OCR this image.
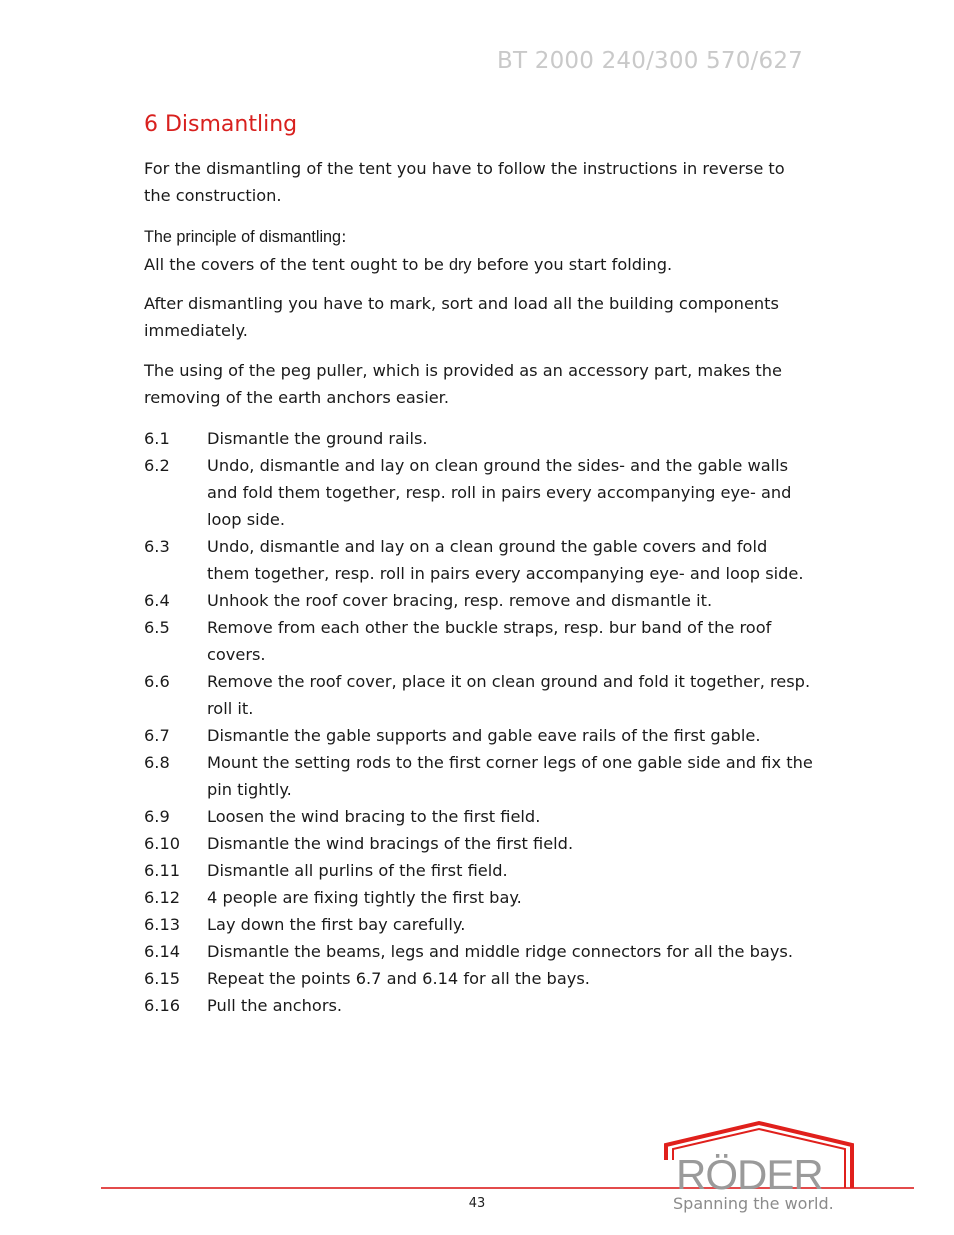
BT 2000 240/300 570/627
6 Dismantling

For the dismantling of the tent you have to follow the instructions in reverse to the construction.

The principle of dismantling:
All the covers of the tent ought to be dry before you start folding.

After dismantling you have to mark, sort and load all the building components immediately.

The using of the peg puller, which is provided as an accessory part, makes the removing of the earth anchors easier.

6.1	Dismantle the ground rails.
6.2	Undo, dismantle and lay on clean ground the sides- and the gable walls and fold them together, resp. roll in pairs every accompanying eye- and loop side.
6.3	Undo, dismantle and lay on a clean ground the gable covers and fold them together, resp. roll in pairs every accompanying eye- and loop side.
6.4	Unhook the roof cover bracing, resp. remove and dismantle it.
6.5	Remove from each other the buckle straps, resp. bur band of the roof covers.
6.6	Remove the roof cover, place it on clean ground and fold it together, resp. roll it.
6.7	Dismantle the gable supports and gable eave rails of the first gable.
6.8	Mount the setting rods to the first corner legs of one gable side and fix the pin tightly.
6.9	Loosen the wind bracing to the first field.
6.10	Dismantle the wind bracings of the first field.
6.11	Dismantle all purlins of the first field.
6.12	4 people are fixing tightly the first bay.
6.13	Lay down the first bay carefully.
6.14	Dismantle the beams, legs and middle ridge connectors for all the bays.
6.15	Repeat the points 6.7 and 6.14 for all the bays.
6.16	Pull the anchors.
43
RÖDER
Spanning the world.
